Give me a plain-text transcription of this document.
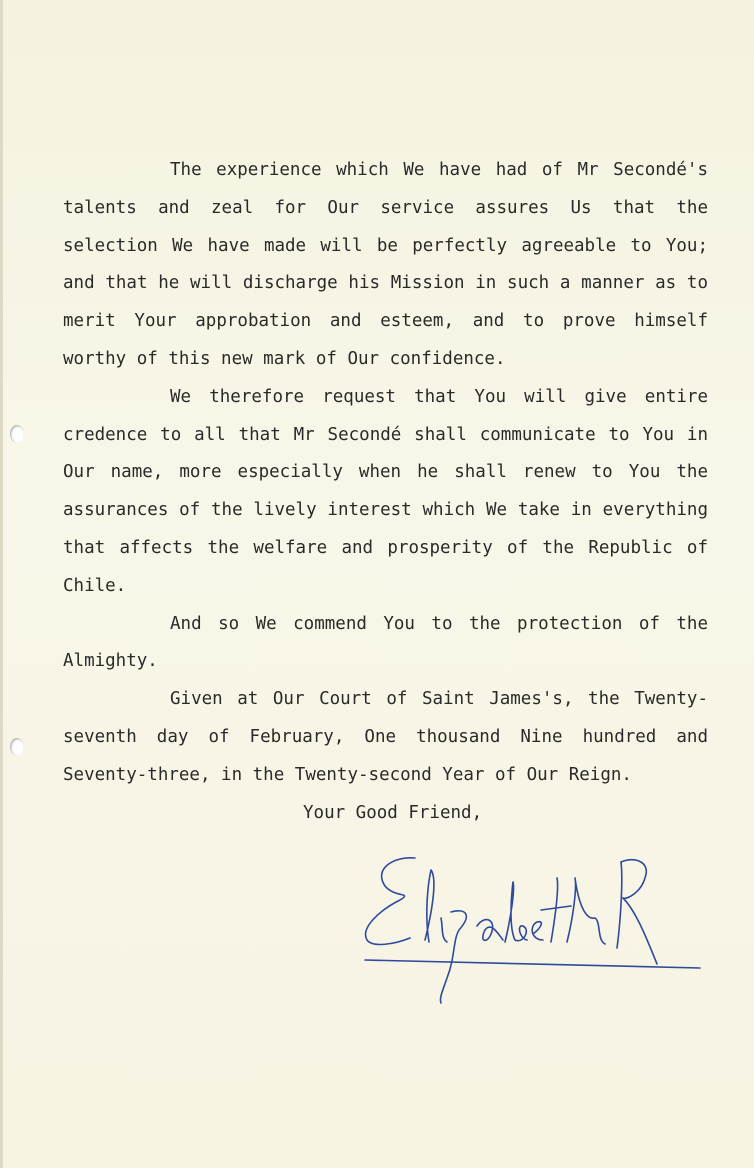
The experience which We have had of Mr Secondé's talents and zeal for Our service assures Us that the selection We have made will be perfectly agreeable to You; and that he will discharge his Mission in such a manner as to merit Your approbation and esteem, and to prove himself worthy of this new mark of Our confidence.

We therefore request that You will give entire credence to all that Mr Secondé shall communicate to You in Our name, more especially when he shall renew to You the assurances of the lively interest which We take in everything that affects the welfare and prosperity of the Republic of Chile.

And so We commend You to the protection of the Almighty.

Given at Our Court of Saint James's, the Twenty-seventh day of February, One thousand Nine hundred and Seventy-three, in the Twenty-second Year of Our Reign.

Your Good Friend,
